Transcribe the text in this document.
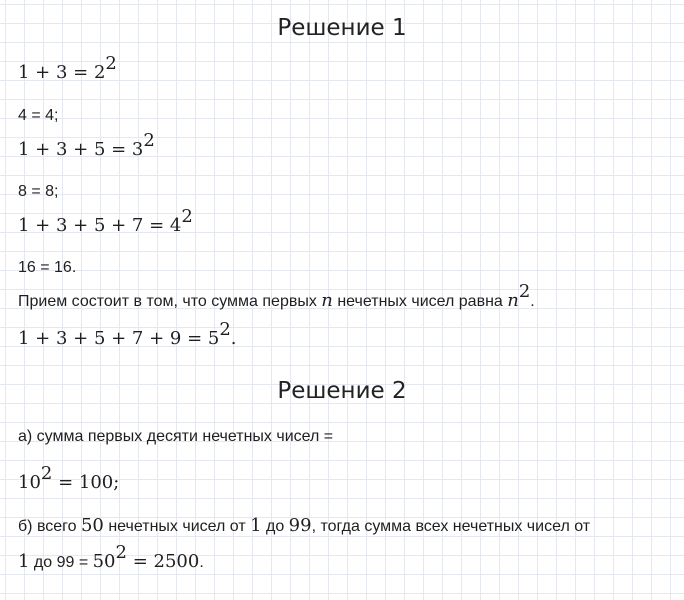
Решение 1
$1 + 3 = 2^2$
4 = 4;
$1 + 3 + 5 = 3^2$
8 = 8;
$1 + 3 + 5 + 7 = 4^2$
16 = 16.
Прием состоит в том, что сумма первых n нечетных чисел равна $n^2$.
$1 + 3 + 5 + 7 + 9 = 5^2$.
Решение 2
а) сумма первых десяти нечетных чисел =
$10^2 = 100$;
б) всего 50 нечетных чисел от 1 до 99, тогда сумма всех нечетных чисел от
1 до $99 = 50^2 = 2500$.
